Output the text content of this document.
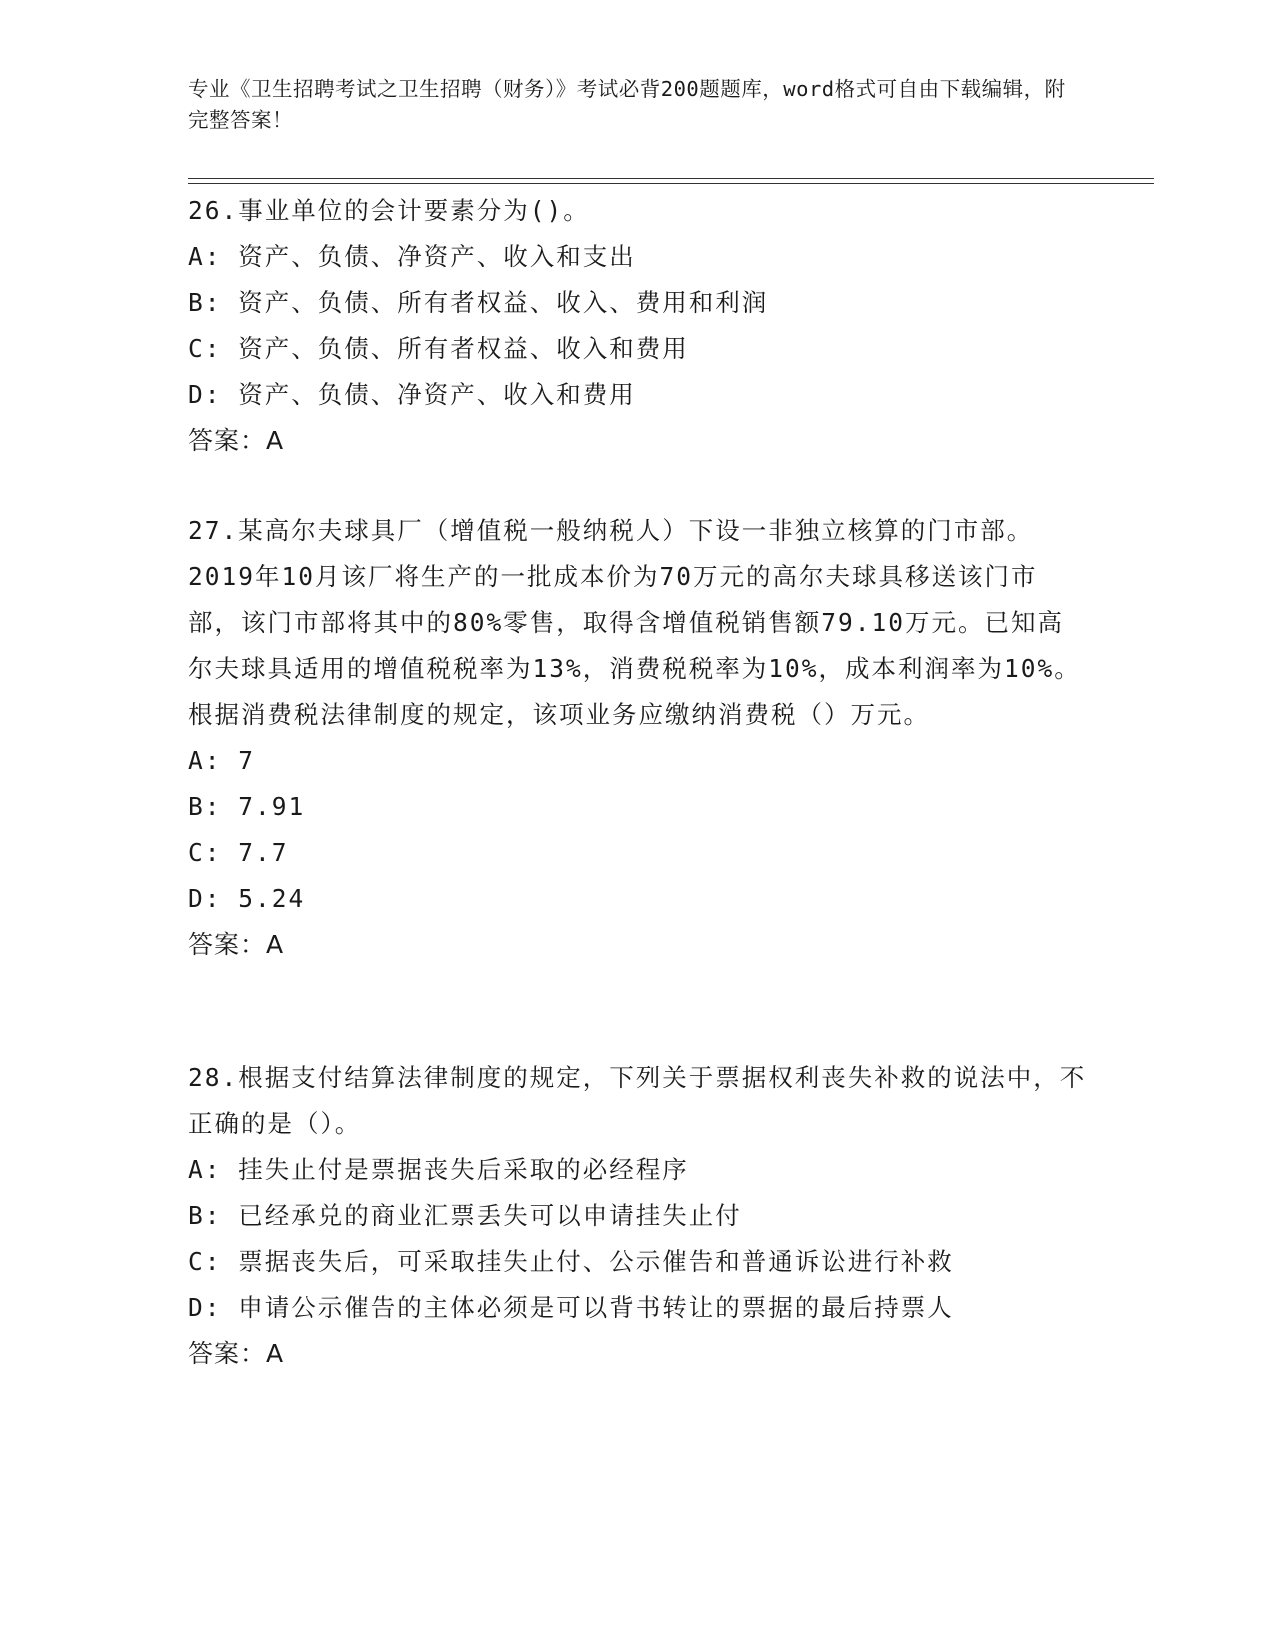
专业《卫生招聘考试之卫生招聘（财务）》考试必背200题题库，word格式可自由下载编辑，附完整答案！

26.事业单位的会计要素分为()。

A: 资产、负债、净资产、收入和支出

B: 资产、负债、所有者权益、收入、费用和利润

C: 资产、负债、所有者权益、收入和费用

D: 资产、负债、净资产、收入和费用

答案：A

27.某高尔夫球具厂（增值税一般纳税人）下设一非独立核算的门市部。2019年10月该厂将生产的一批成本价为70万元的高尔夫球具移送该门市部，该门市部将其中的80%零售，取得含增值税销售额79.10万元。已知高尔夫球具适用的增值税税率为13%，消费税税率为10%，成本利润率为10%。根据消费税法律制度的规定，该项业务应缴纳消费税（）万元。

A: 7

B: 7.91

C: 7.7

D: 5.24

答案：A

28.根据支付结算法律制度的规定，下列关于票据权利丧失补救的说法中，不正确的是（）。

A: 挂失止付是票据丧失后采取的必经程序

B: 已经承兑的商业汇票丢失可以申请挂失止付

C: 票据丧失后，可采取挂失止付、公示催告和普通诉讼进行补救

D: 申请公示催告的主体必须是可以背书转让的票据的最后持票人

答案：A
